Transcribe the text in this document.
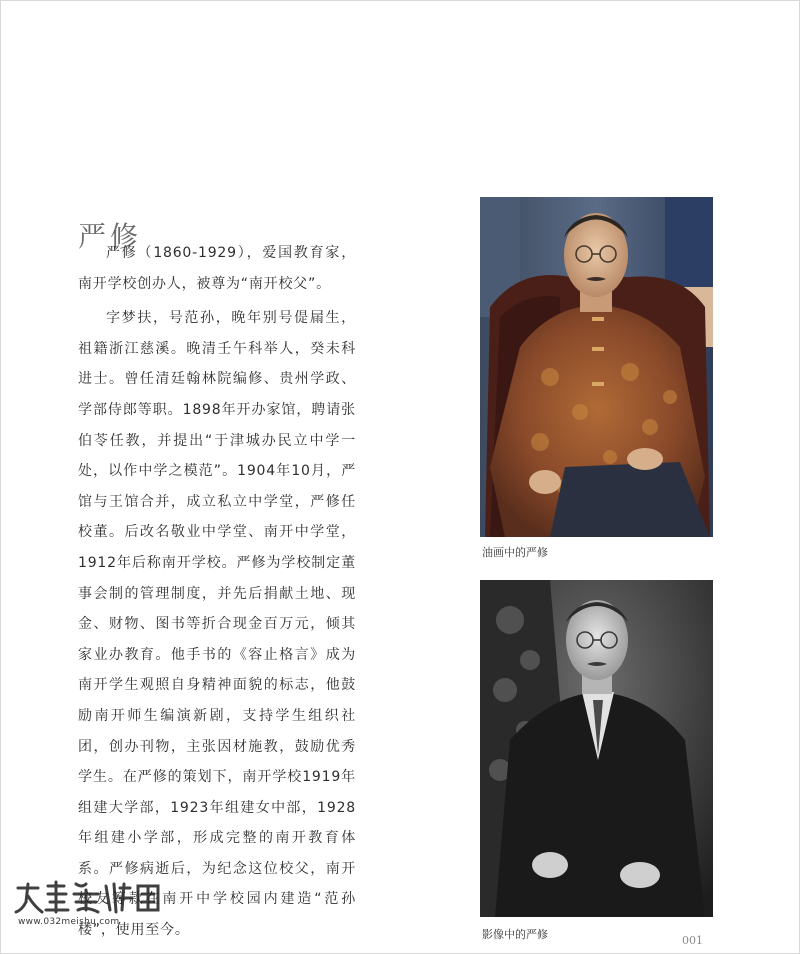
严修

严修（1860-1929），爱国教育家，南开学校创办人，被尊为“南开校父”。

字梦扶，号范孙，晚年别号偍屚生，祖籍浙江慈溪。晚清壬午科举人，癸未科进士。曾任清廷翰林院编修、贵州学政、学部侍郎等职。1898年开办家馆，聘请张伯苓任教，并提出“于津城办民立中学一处，以作中学之模范”。1904年10月，严馆与王馆合并，成立私立中学堂，严修任校董。后改名敬业中学堂、南开中学堂，1912年后称南开学校。严修为学校制定董事会制的管理制度，并先后捐献土地、现金、财物、图书等折合现金百万元，倾其家业办教育。他手书的《容止格言》成为南开学生观照自身精神面貌的标志，他鼓励南开师生编演新剧，支持学生组织社团，创办刊物，主张因材施教，鼓励优秀学生。在严修的策划下，南开学校1919年组建大学部，1923年组建女中部，1928年组建小学部，形成完整的南开教育体系。严修病逝后，为纪念这位校父，南开校友筹款在南开中学校园内建造“范孙楼”，使用至今。

油画中的严修
影像中的严修	001
www.032meishu.com
